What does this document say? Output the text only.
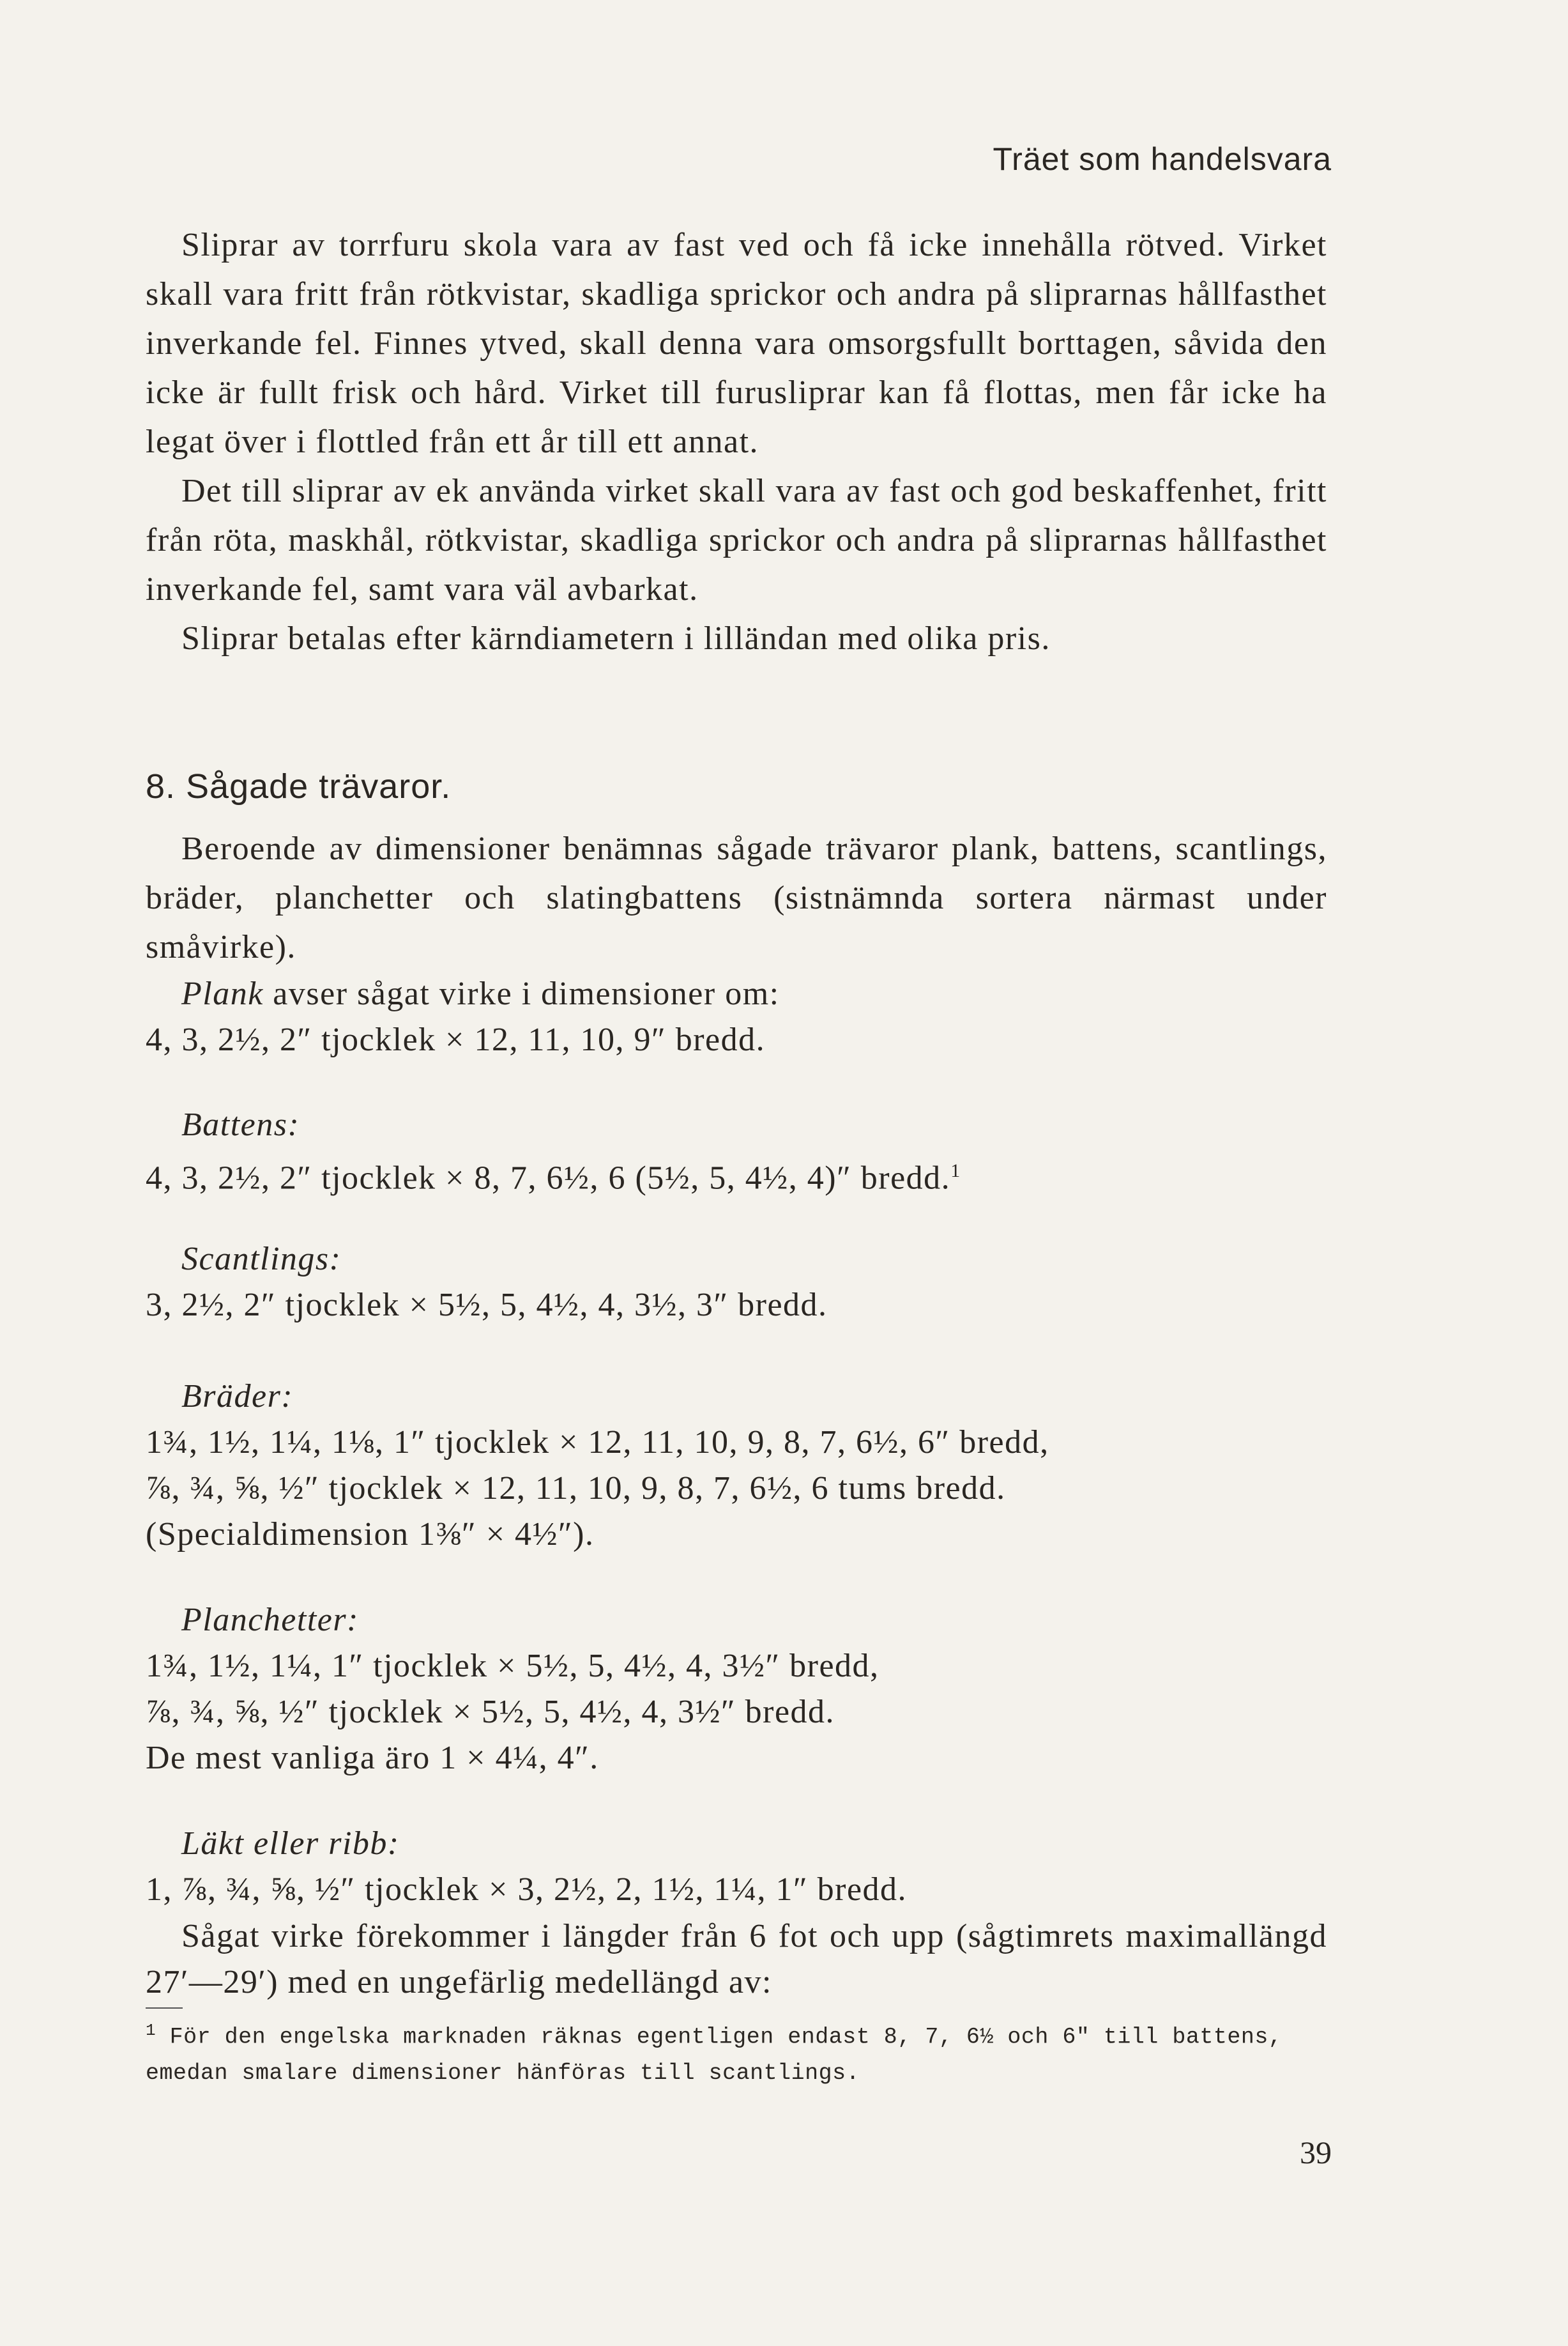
Träet som handelsvara

Sliprar av torrfuru skola vara av fast ved och få icke innehålla rötved. Virket skall vara fritt från rötkvistar, skadliga sprickor och andra på sliprarnas hållfasthet inverkande fel. Finnes ytved, skall denna vara omsorgsfullt borttagen, såvida den icke är fullt frisk och hård. Virket till furusliprar kan få flottas, men får icke ha legat över i flottled från ett år till ett annat.

Det till sliprar av ek använda virket skall vara av fast och god beskaffenhet, fritt från röta, maskhål, rötkvistar, skadliga sprickor och andra på sliprarnas hållfasthet inverkande fel, samt vara väl avbarkat.

Sliprar betalas efter kärndiametern i lilländan med olika pris.

8. Sågade trävaror.

Beroende av dimensioner benämnas sågade trävaror plank, battens, scantlings, bräder, planchetter och slatingbattens (sistnämnda sortera närmast under småvirke).

Plank avser sågat virke i dimensioner om:
4, 3, 2½, 2″ tjocklek × 12, 11, 10, 9″ bredd.
Battens:
4, 3, 2½, 2″ tjocklek × 8, 7, 6½, 6 (5½, 5, 4½, 4)″ bredd.$^1$
Scantlings:
3, 2½, 2″ tjocklek × 5½, 5, 4½, 4, 3½, 3″ bredd.
Bräder:
1¾, 1½, 1¼, 1⅛, 1″ tjocklek × 12, 11, 10, 9, 8, 7, 6½, 6″ bredd,
⅞, ¾, ⅝, ½″ tjocklek × 12, 11, 10, 9, 8, 7, 6½, 6 tums bredd.
(Specialdimension 1⅜″ × 4½″).
Planchetter:
1¾, 1½, 1¼, 1″ tjocklek × 5½, 5, 4½, 4, 3½″ bredd,
⅞, ¾, ⅝, ½″ tjocklek × 5½, 5, 4½, 4, 3½″ bredd.
De mest vanliga äro 1 × 4¼, 4″.
Läkt eller ribb:
1, ⅞, ¾, ⅝, ½″ tjocklek × 3, 2½, 2, 1½, 1¼, 1″ bredd.

Sågat virke förekommer i längder från 6 fot och upp (sågtimrets maximallängd 27′—29′) med en ungefärlig medellängd av:

$^1$ För den engelska marknaden räknas egentligen endast 8, 7, 6½ och 6″ till battens, emedan smalare dimensioner hänföras till scantlings.
39
